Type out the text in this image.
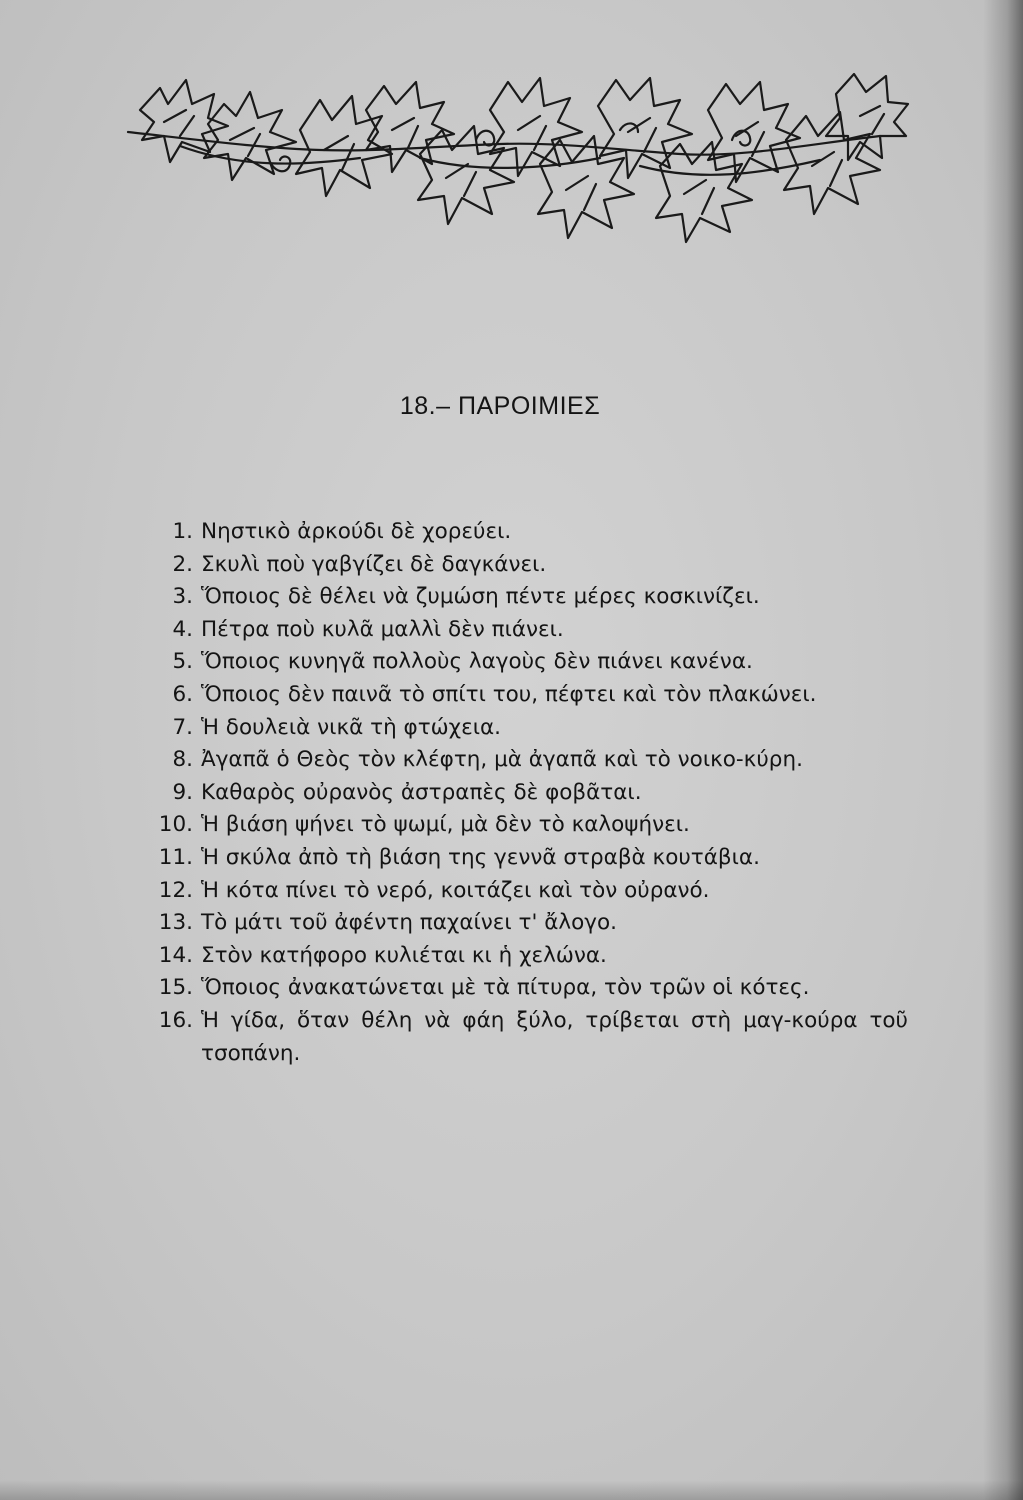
18.– ΠΑΡΟΙΜΙΕΣ
1. Νηστικὸ ἀρκούδι δὲ χορεύει.
2. Σκυλὶ ποὺ γαβγίζει δὲ δαγκάνει.
3. Ὅποιος δὲ θέλει νὰ ζυμώση πέντε μέρες κοσκινίζει.
4. Πέτρα ποὺ κυλᾶ μαλλὶ δὲν πιάνει.
5. Ὅποιος κυνηγᾶ πολλοὺς λαγοὺς δὲν πιάνει κανένα.
6. Ὅποιος δὲν παινᾶ τὸ σπίτι του, πέφτει καὶ τὸν πλακώνει.
7. Ἡ δουλειὰ νικᾶ τὴ φτώχεια.
8. Ἀγαπᾶ ὁ Θεὸς τὸν κλέφτη, μὰ ἀγαπᾶ καὶ τὸ νοικο-κύρη.
9. Καθαρὸς οὐρανὸς ἀστραπὲς δὲ φοβᾶται.
10. Ἡ βιάση ψήνει τὸ ψωμί, μὰ δὲν τὸ καλοψήνει.
11. Ἡ σκύλα ἀπὸ τὴ βιάση της γεννᾶ στραβὰ κουτάβια.
12. Ἡ κότα πίνει τὸ νερό, κοιτάζει καὶ τὸν οὐρανό.
13. Τὸ μάτι τοῦ ἀφέντη παχαίνει τ' ἄλογο.
14. Στὸν κατήφορο κυλιέται κι ἡ χελώνα.
15. Ὅποιος ἀνακατώνεται μὲ τὰ πίτυρα, τὸν τρῶν οἱ κότες.
16. Ἡ γίδα, ὅταν θέλη νὰ φάη ξύλο, τρίβεται στὴ μαγ-κούρα τοῦ τσοπάνη.
